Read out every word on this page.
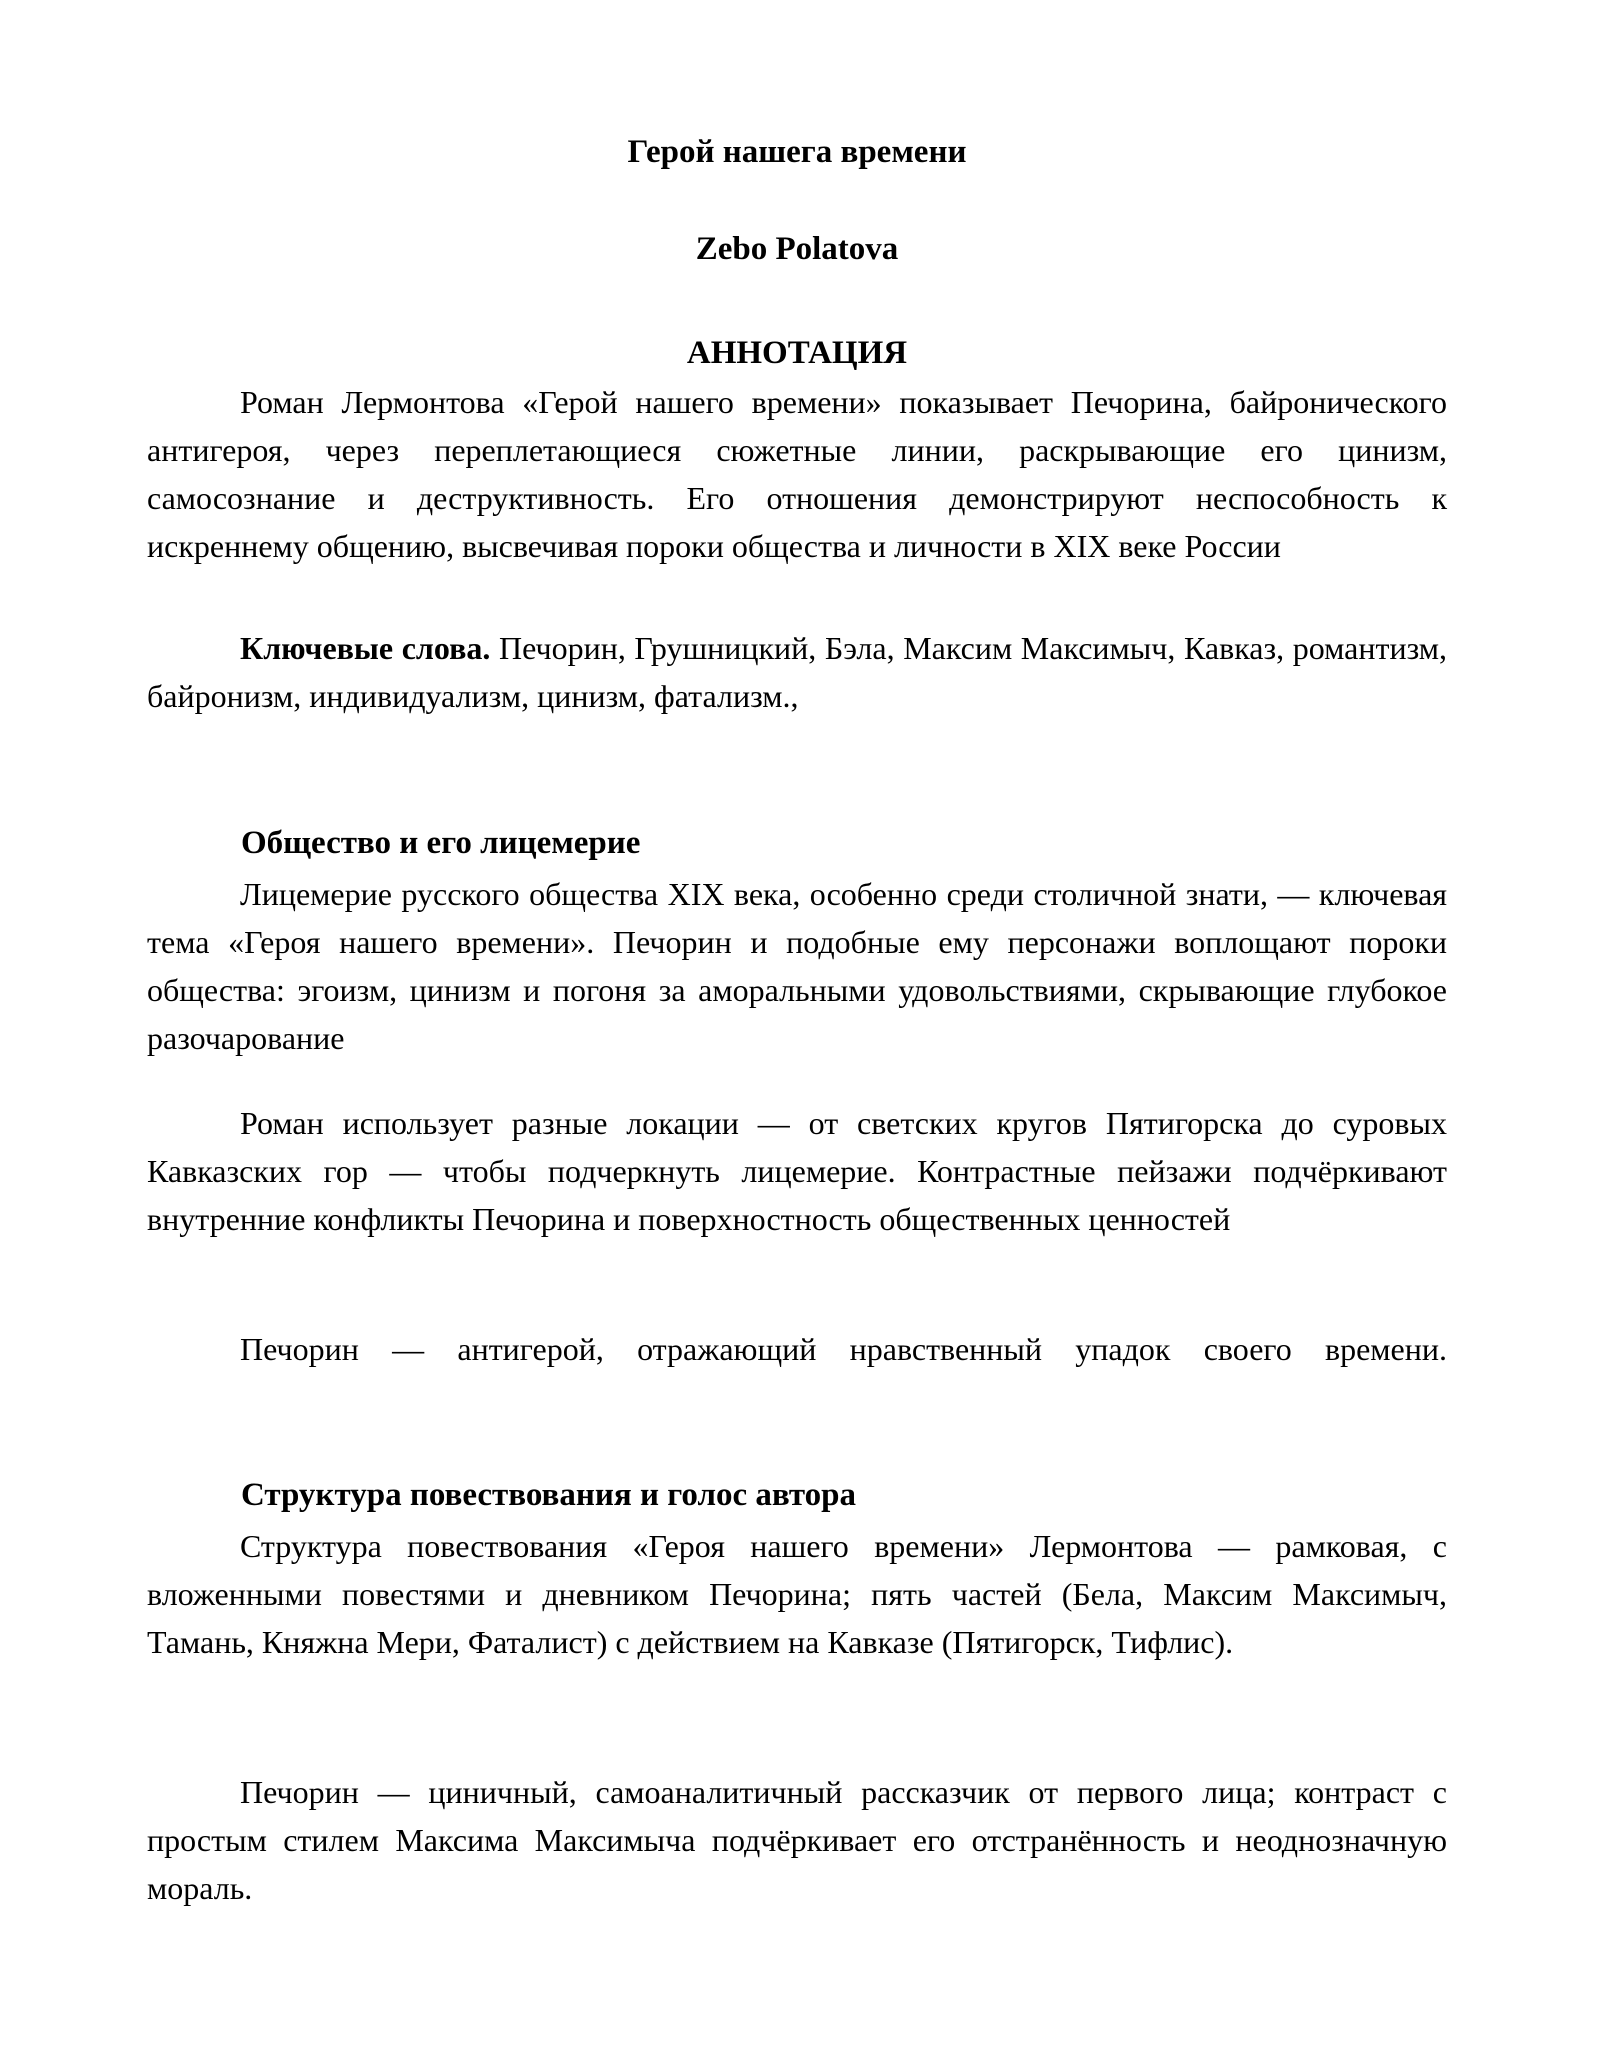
Герой нашега времени
Zebo Polatova
АННОТАЦИЯ

Роман Лермонтова «Герой нашего времени» показывает Печорина, байронического антигероя, через переплетающиеся сюжетные линии, раскрывающие его цинизм, самосознание и деструктивность. Его отношения демонстрируют неспособность к искреннему общению, высвечивая пороки общества и личности в XIX веке России

Ключевые слова. Печорин, Грушницкий, Бэла, Максим Максимыч, Кавказ, романтизм, байронизм, индивидуализм, цинизм, фатализм.,

Общество и его лицемерие

Лицемерие русского общества XIX века, особенно среди столичной знати, — ключевая тема «Героя нашего времени». Печорин и подобные ему персонажи воплощают пороки общества: эгоизм, цинизм и погоня за аморальными удовольствиями, скрывающие глубокое разочарование

Роман использует разные локации — от светских кругов Пятигорска до суровых Кавказских гор — чтобы подчеркнуть лицемерие. Контрастные пейзажи подчёркивают внутренние конфликты Печорина и поверхностность общественных ценностей

Печорин — антигерой, отражающий нравственный упадок своего времени.

Структура повествования и голос автора

Структура повествования «Героя нашего времени» Лермонтова — рамковая, с вложенными повестями и дневником Печорина; пять частей (Бела, Максим Максимыч, Тамань, Княжна Мери, Фаталист) с действием на Кавказе (Пятигорск, Тифлис).

Печорин — циничный, самоаналитичный рассказчик от первого лица; контраст с простым стилем Максима Максимыча подчёркивает его отстранённость и неоднозначную мораль.
